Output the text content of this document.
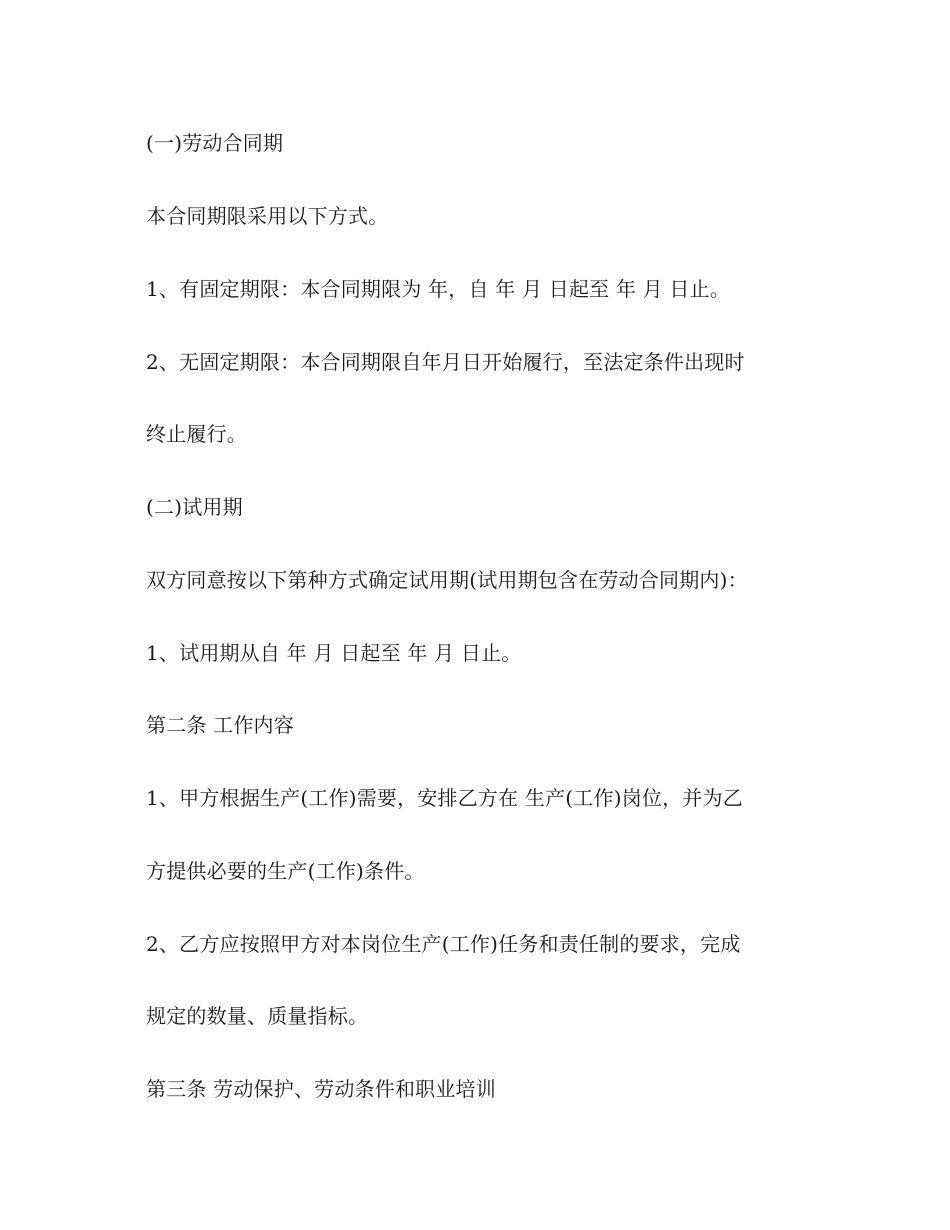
(一)劳动合同期

本合同期限采用以下方式。

1、有固定期限：本合同期限为 年，自 年 月 日起至 年 月 日止。

2、无固定期限：本合同期限自年月日开始履行，至法定条件出现时

终止履行。

(二)试用期

双方同意按以下第种方式确定试用期(试用期包含在劳动合同期内)：

1、试用期从自 年 月 日起至 年 月 日止。

第二条 工作内容

1、甲方根据生产(工作)需要，安排乙方在 生产(工作)岗位，并为乙

方提供必要的生产(工作)条件。

2、乙方应按照甲方对本岗位生产(工作)任务和责任制的要求，完成

规定的数量、质量指标。

第三条 劳动保护、劳动条件和职业培训
